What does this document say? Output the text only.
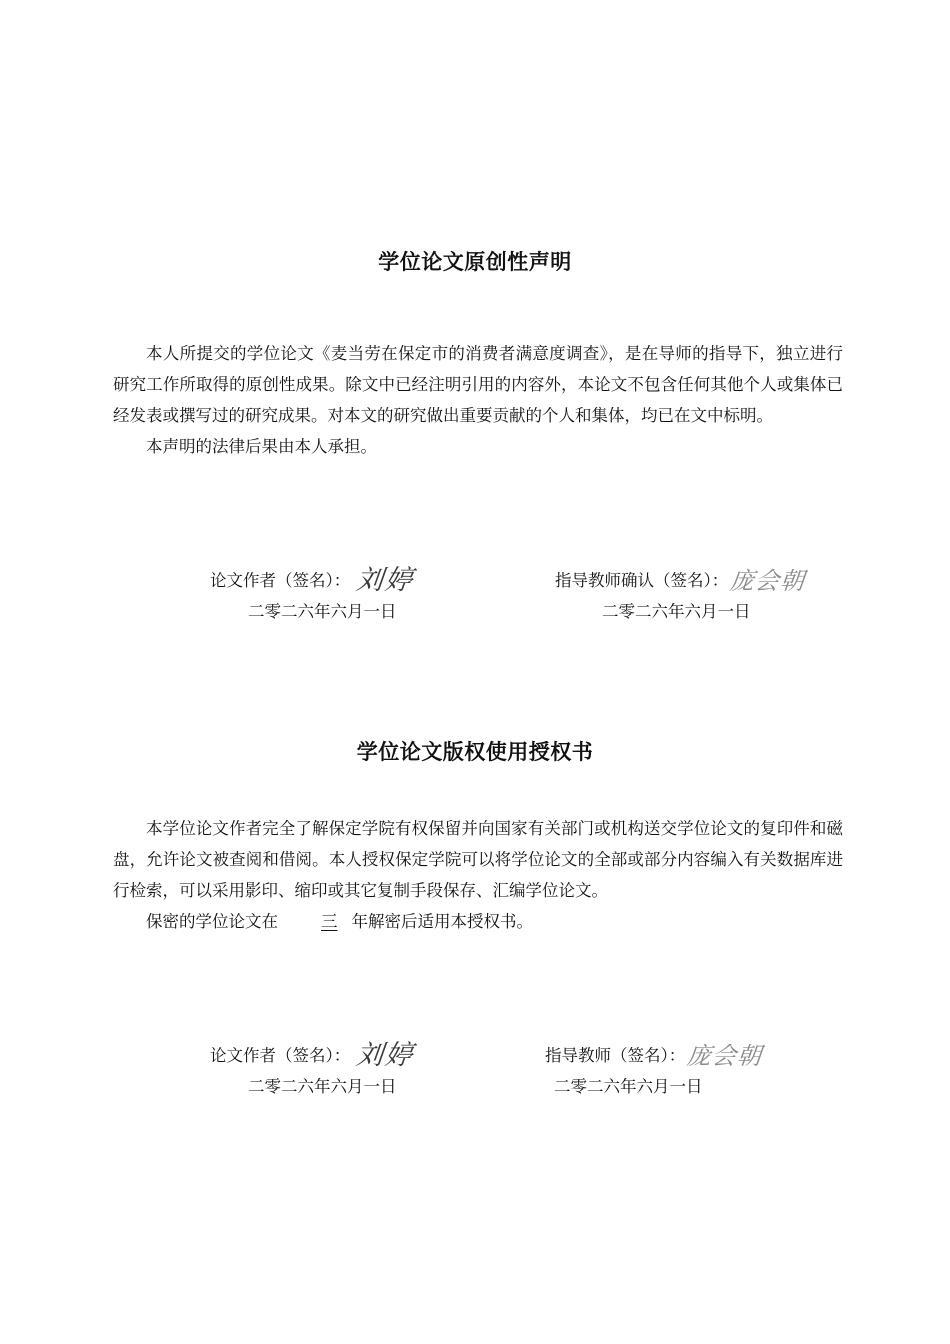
学位论文原创性声明

本人所提交的学位论文《麦当劳在保定市的消费者满意度调查》，是在导师的指导下，独立进行研究工作所取得的原创性成果。除文中已经注明引用的内容外，本论文不包含任何其他个人或集体已经发表或撰写过的研究成果。对本文的研究做出重要贡献的个人和集体，均已在文中标明。

本声明的法律后果由本人承担。

论文作者（签名）： 刘婷
二零二六年六月一日
指导教师确认（签名）： 庞会朝
二零二六年六月一日
学位论文版权使用授权书

本学位论文作者完全了解保定学院有权保留并向国家有关部门或机构送交学位论文的复印件和磁盘，允许论文被查阅和借阅。本人授权保定学院可以将学位论文的全部或部分内容编入有关数据库进行检索，可以采用影印、缩印或其它复制手段保存、汇编学位论文。

保密的学位论文在	三 年解密后适用本授权书。

论文作者（签名）： 刘婷
二零二六年六月一日
指导教师（签名）： 庞会朝
二零二六年六月一日
